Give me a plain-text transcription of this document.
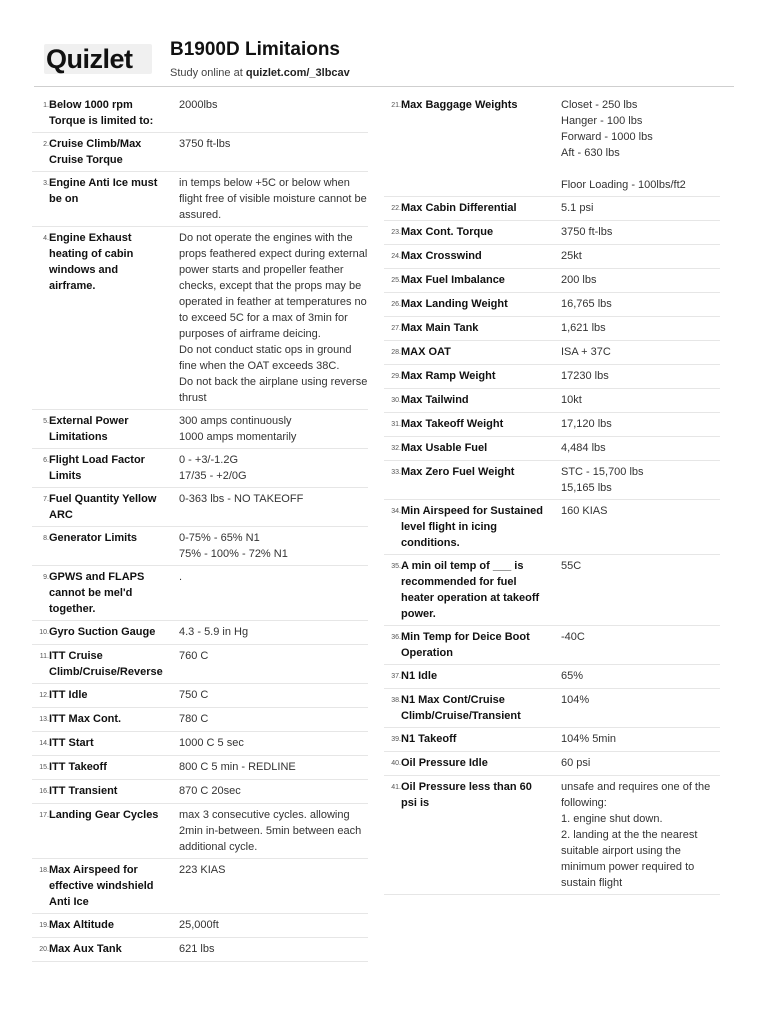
Quizlet B1900D Limitaions
Study online at quizlet.com/_3lbcav
1. Below 1000 rpm Torque is limited to:
2000lbs
2. Cruise Climb/Max Cruise Torque
3750 ft-lbs
3. Engine Anti Ice must be on
in temps below +5C or below when flight free of visible moisture cannot be assured.
4. Engine Exhaust heating of cabin windows and airframe.
Do not operate the engines with the props feathered expect during external power starts and propeller feather checks, except that the props may be operated in feather at temperatures no to exceed 5C for a max of 3min for purposes of airframe deicing.
Do not conduct static ops in ground fine when the OAT exceeds 38C.
Do not back the airplane using reverse thrust
5. External Power Limitations
300 amps continuously
1000 amps momentarily
6. Flight Load Factor Limits
0 - +3/-1.2G
17/35 - +2/0G
7. Fuel Quantity Yellow ARC
0-363 lbs - NO TAKEOFF
8. Generator Limits	0-75% - 65% N1
75% - 100% - 72% N1
9. GPWS and FLAPS cannot be mel'd together.
.
10. Gyro Suction Gauge	4.3 - 5.9 in Hg
11. ITT Cruise Climb/Cruise/Reverse
760 C
12. ITT Idle	750 C
13. ITT Max Cont.	780 C
14. ITT Start	1000 C 5 sec
15. ITT Takeoff	800 C 5 min - REDLINE
16. ITT Transient	870 C 20sec
17. Landing Gear Cycles	max 3 consecutive cycles. allowing 2min in-between. 5min between each additional cycle.
18. Max Airspeed for effective windshield Anti Ice
223 KIAS
19. Max Altitude	25,000ft
20. Max Aux Tank	621 lbs
21. Max Baggage Weights	Closet - 250 lbs
Hanger - 100 lbs
Forward - 1000 lbs
Aft - 630 lbs

Floor Loading - 100lbs/ft2
22. Max Cabin Differential	5.1 psi
23. Max Cont. Torque	3750 ft-lbs
24. Max Crosswind	25kt
25. Max Fuel Imbalance	200 lbs
26. Max Landing Weight	16,765 lbs
27. Max Main Tank	1,621 lbs
28. MAX OAT	ISA + 37C
29. Max Ramp Weight	17230 lbs
30. Max Tailwind	10kt
31. Max Takeoff Weight	17,120 lbs
32. Max Usable Fuel	4,484 lbs
33. Max Zero Fuel Weight	STC - 15,700 lbs
15,165 lbs
34. Min Airspeed for Sustained level flight in icing conditions.
160 KIAS
35. A min oil temp of ___ is recommended for fuel heater operation at takeoff power.
55C
36. Min Temp for Deice Boot Operation
-40C
37. N1 Idle	65%
38. N1 Max Cont/Cruise Climb/Cruise/Transient
104%
39. N1 Takeoff	104% 5min
40. Oil Pressure Idle	60 psi
41. Oil Pressure less than 60 psi is
unsafe and requires one of the following:
1. engine shut down.
2. landing at the the nearest suitable airport using the minimum power required to sustain flight
